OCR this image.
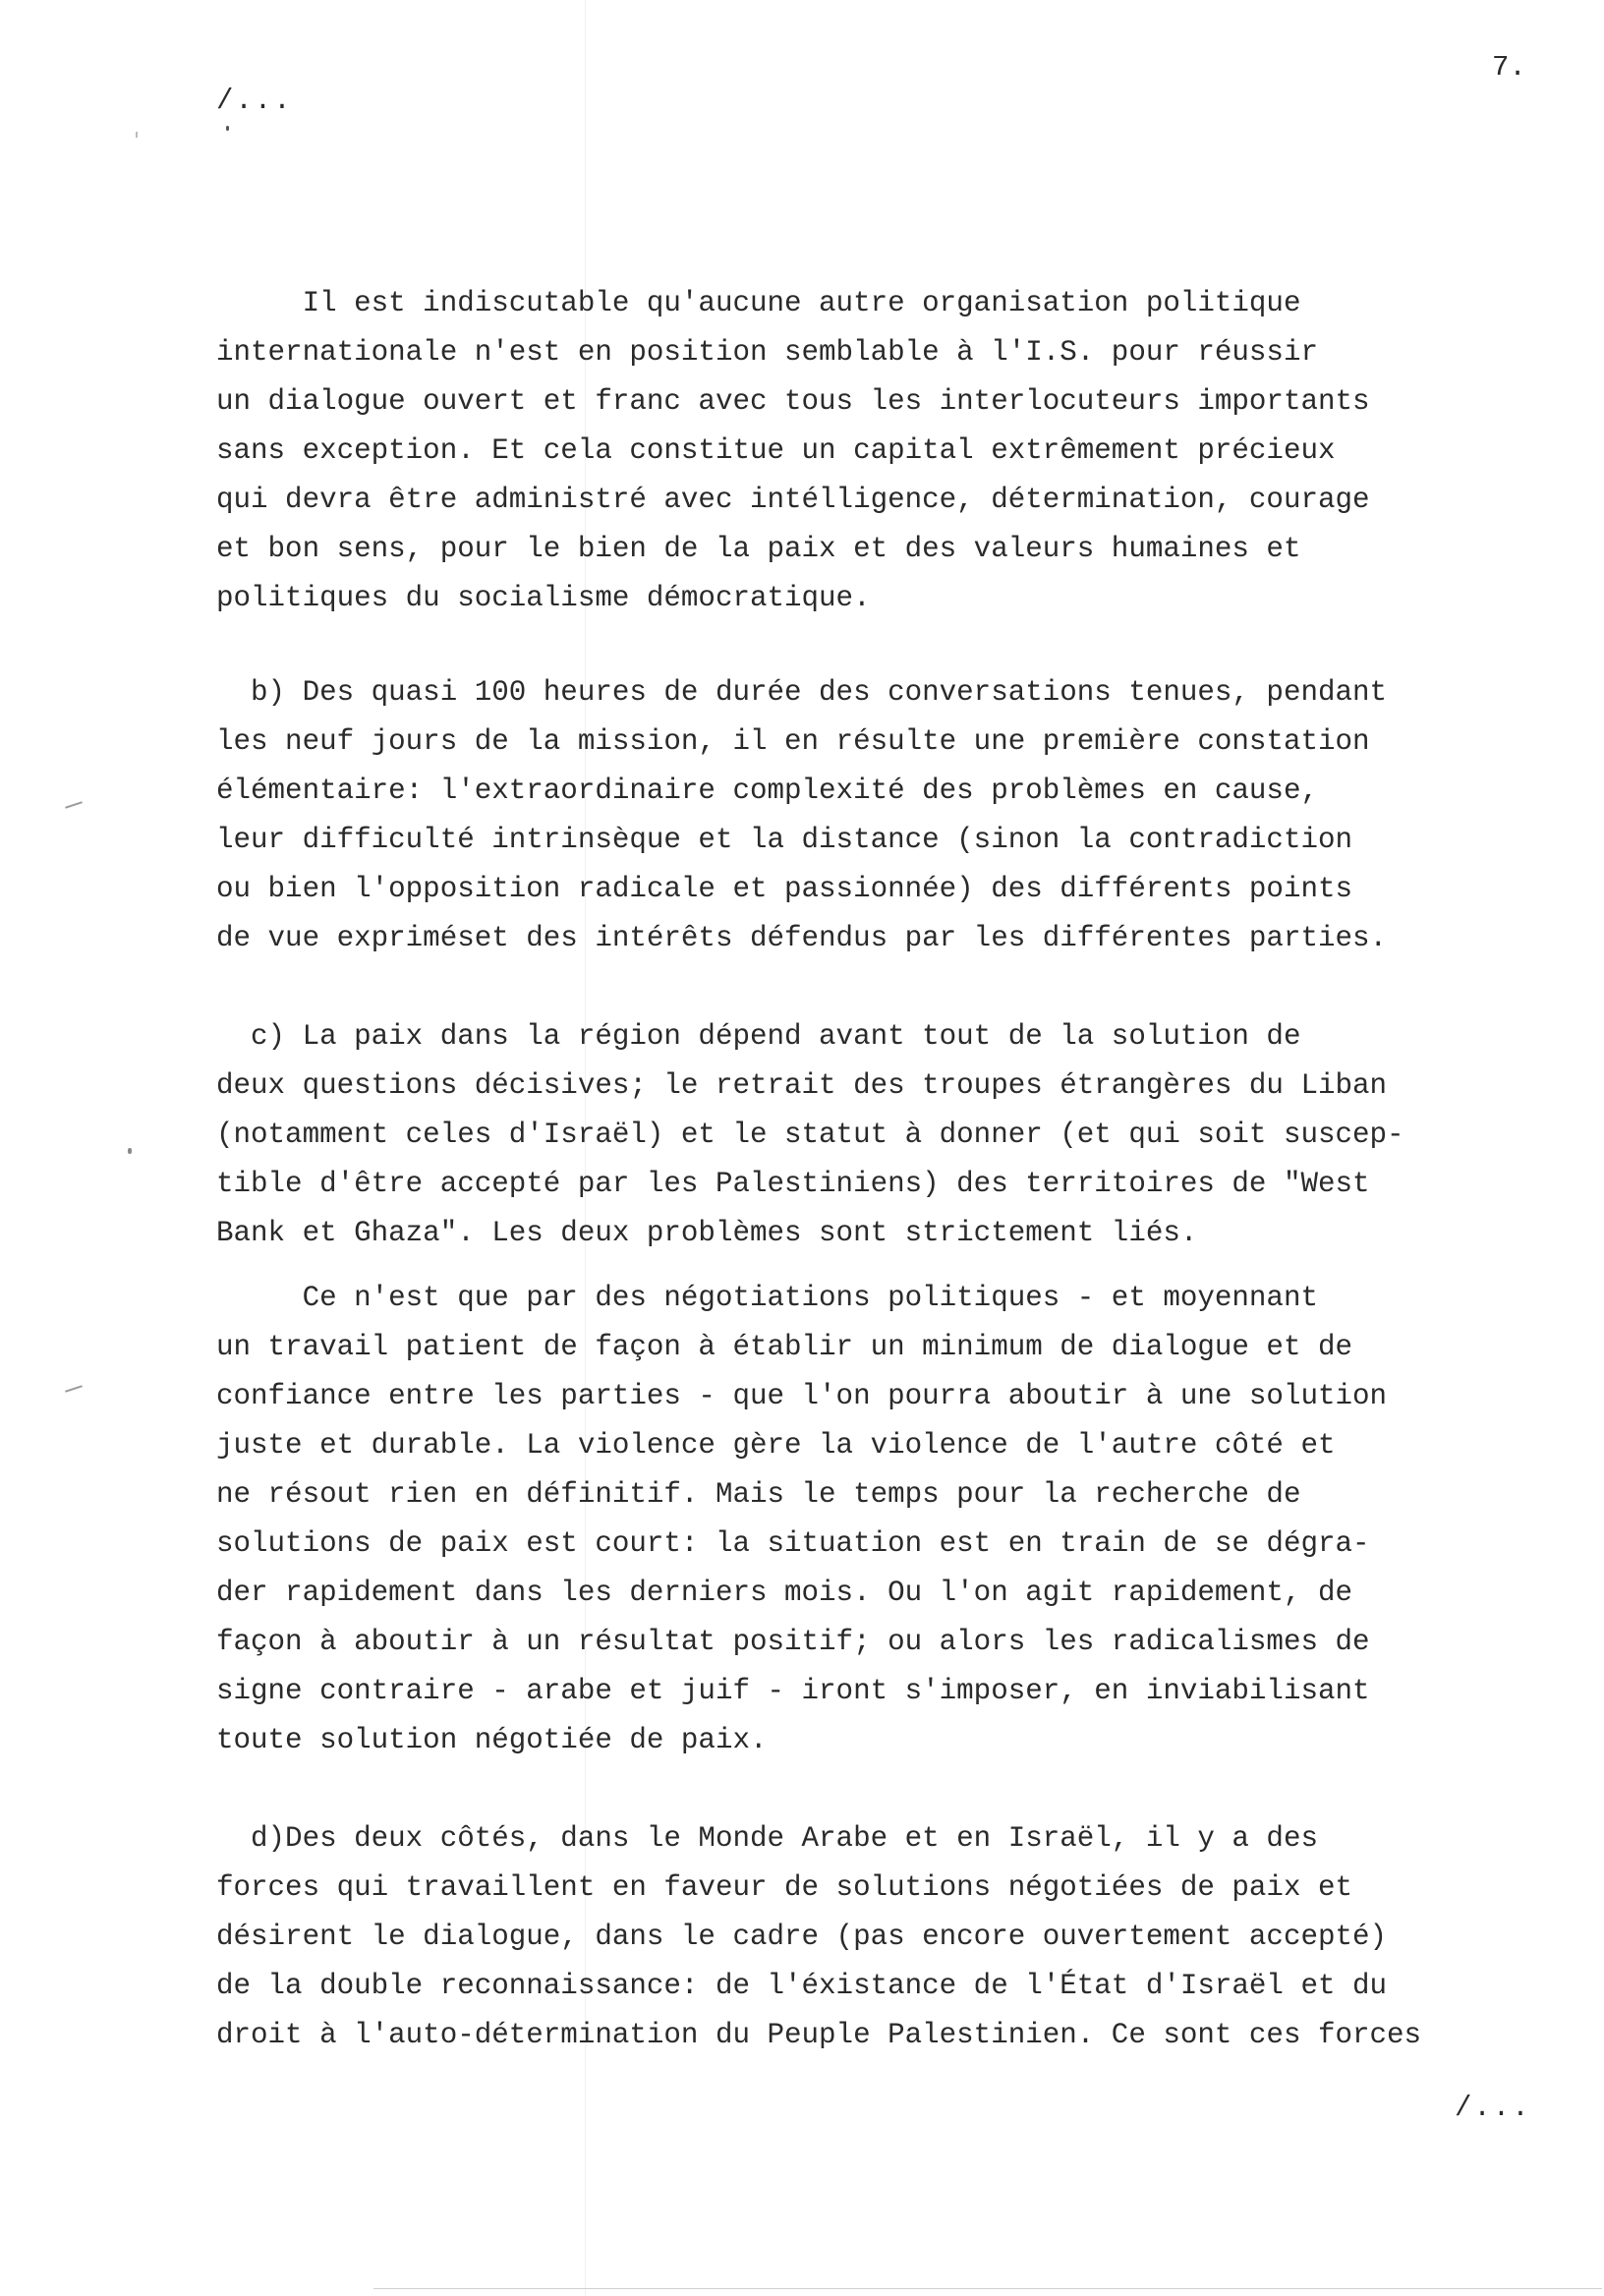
7.
/...
Il est indiscutable qu'aucune autre organisation politique
internationale n'est en position semblable à l'I.S. pour réussir
un dialogue ouvert et franc avec tous les interlocuteurs importants
sans exception. Et cela constitue un capital extrêmement précieux
qui devra être administré avec intélligence, détermination, courage
et bon sens, pour le bien de la paix et des valeurs humaines et
politiques du socialisme démocratique.
b) Des quasi 100 heures de durée des conversations tenues, pendant
les neuf jours de la mission, il en résulte une première constation
élémentaire: l'extraordinaire complexité des problèmes en cause,
leur difficulté intrinsèque et la distance (sinon la contradiction
ou bien l'opposition radicale et passionnée) des différents points
de vue expriméset des intérêts défendus par les différentes parties.
c) La paix dans la région dépend avant tout de la solution de
deux questions décisives; le retrait des troupes étrangères du Liban
(notamment celes d'Israël) et le statut à donner (et qui soit suscep-
tible d'être accepté par les Palestiniens) des territoires de "West
Bank et Ghaza". Les deux problèmes sont strictement liés.
Ce n'est que par des négotiations politiques - et moyennant
un travail patient de façon à établir un minimum de dialogue et de
confiance entre les parties - que l'on pourra aboutir à une solution
juste et durable. La violence gère la violence de l'autre côté et
ne résout rien en définitif. Mais le temps pour la recherche de
solutions de paix est court: la situation est en train de se dégra-
der rapidement dans les derniers mois. Ou l'on agit rapidement, de
façon à aboutir à un résultat positif; ou alors les radicalismes de
signe contraire - arabe et juif - iront s'imposer, en inviabilisant
toute solution négotiée de paix.
d)Des deux côtés, dans le Monde Arabe et en Israël, il y a des
forces qui travaillent en faveur de solutions négotiées de paix et
désirent le dialogue, dans le cadre (pas encore ouvertement accepté)
de la double reconnaissance: de l'éxistance de l'État d'Israël et du
droit à l'auto-détermination du Peuple Palestinien. Ce sont ces forces
/...
